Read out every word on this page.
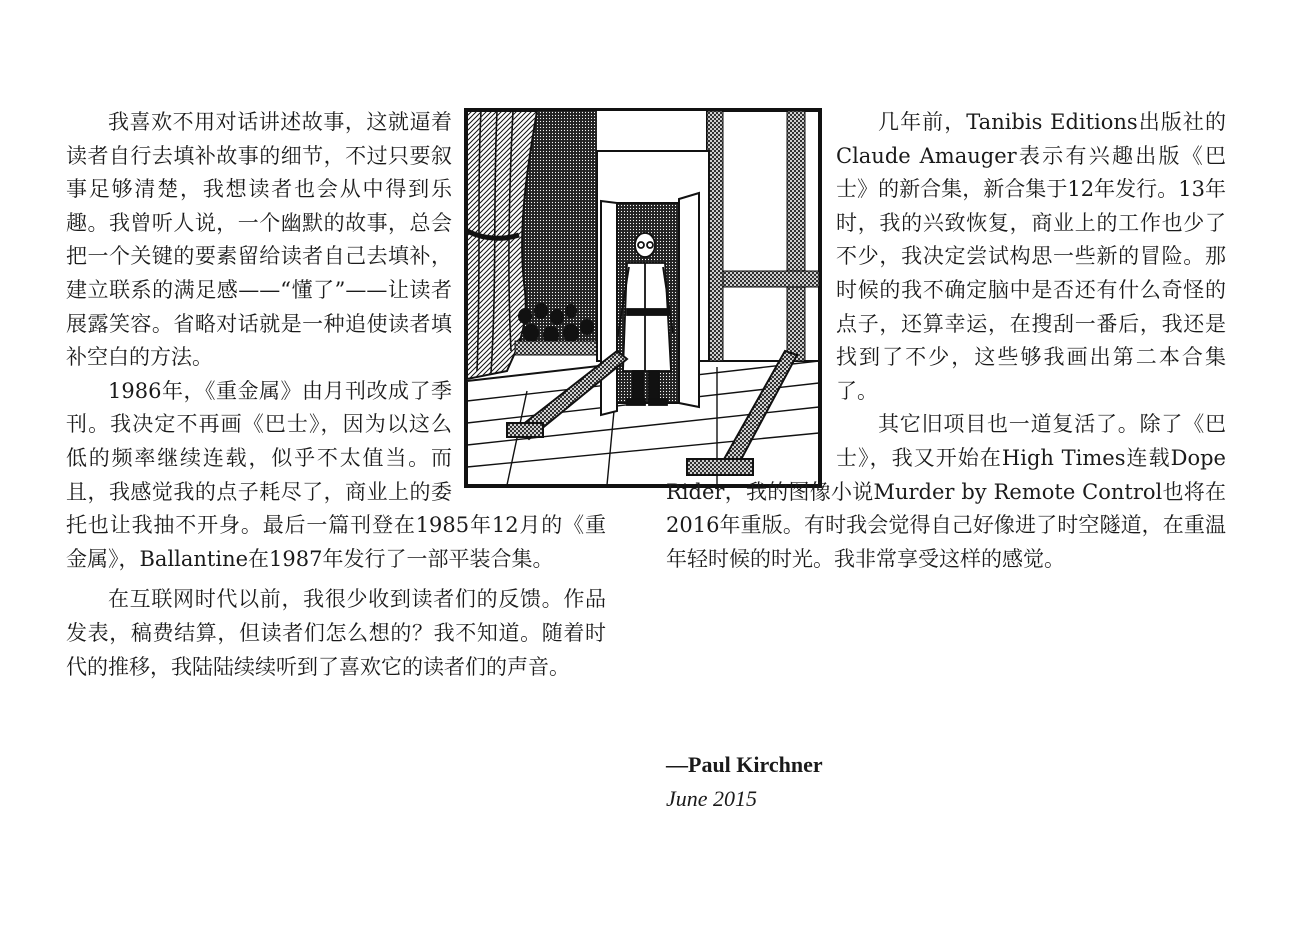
我喜欢不用对话讲述故事，这就逼着读者自行去填补故事的细节，不过只要叙事足够清楚，我想读者也会从中得到乐趣。我曾听人说，一个幽默的故事，总会把一个关键的要素留给读者自己去填补，建立联系的满足感——“懂了”——让读者展露笑容。省略对话就是一种追使读者填补空白的方法。

1986年，《重金属》由月刊改成了季刊。我决定不再画《巴士》，因为以这么低的频率继续连载，似乎不太值当。而且，我感觉我的点子耗尽了，商业上的委托也让我抽不开身。最后一篇刊登在1985年12月的《重金属》，Ballantine在1987年发行了一部平装合集。

在互联网时代以前，我很少收到读者们的反馈。作品发表，稿费结算，但读者们怎么想的？我不知道。随着时代的推移，我陆陆续续听到了喜欢它的读者们的声音。

几年前，Tanibis Editions出版社的Claude Amauger表示有兴趣出版《巴士》的新合集，新合集于12年发行。13年时，我的兴致恢复，商业上的工作也少了不少，我决定尝试构思一些新的冒险。那时候的我不确定脑中是否还有什么奇怪的点子，还算幸运，在搜刮一番后，我还是找到了不少，这些够我画出第二本合集了。

其它旧项目也一道复活了。除了《巴士》，我又开始在High Times连载Dope Rider，我的图像小说Murder by Remote Control也将在2016年重版。有时我会觉得自己好像进了时空隧道，在重温年轻时候的时光。我非常享受这样的感觉。

—Paul Kirchner
June 2015
